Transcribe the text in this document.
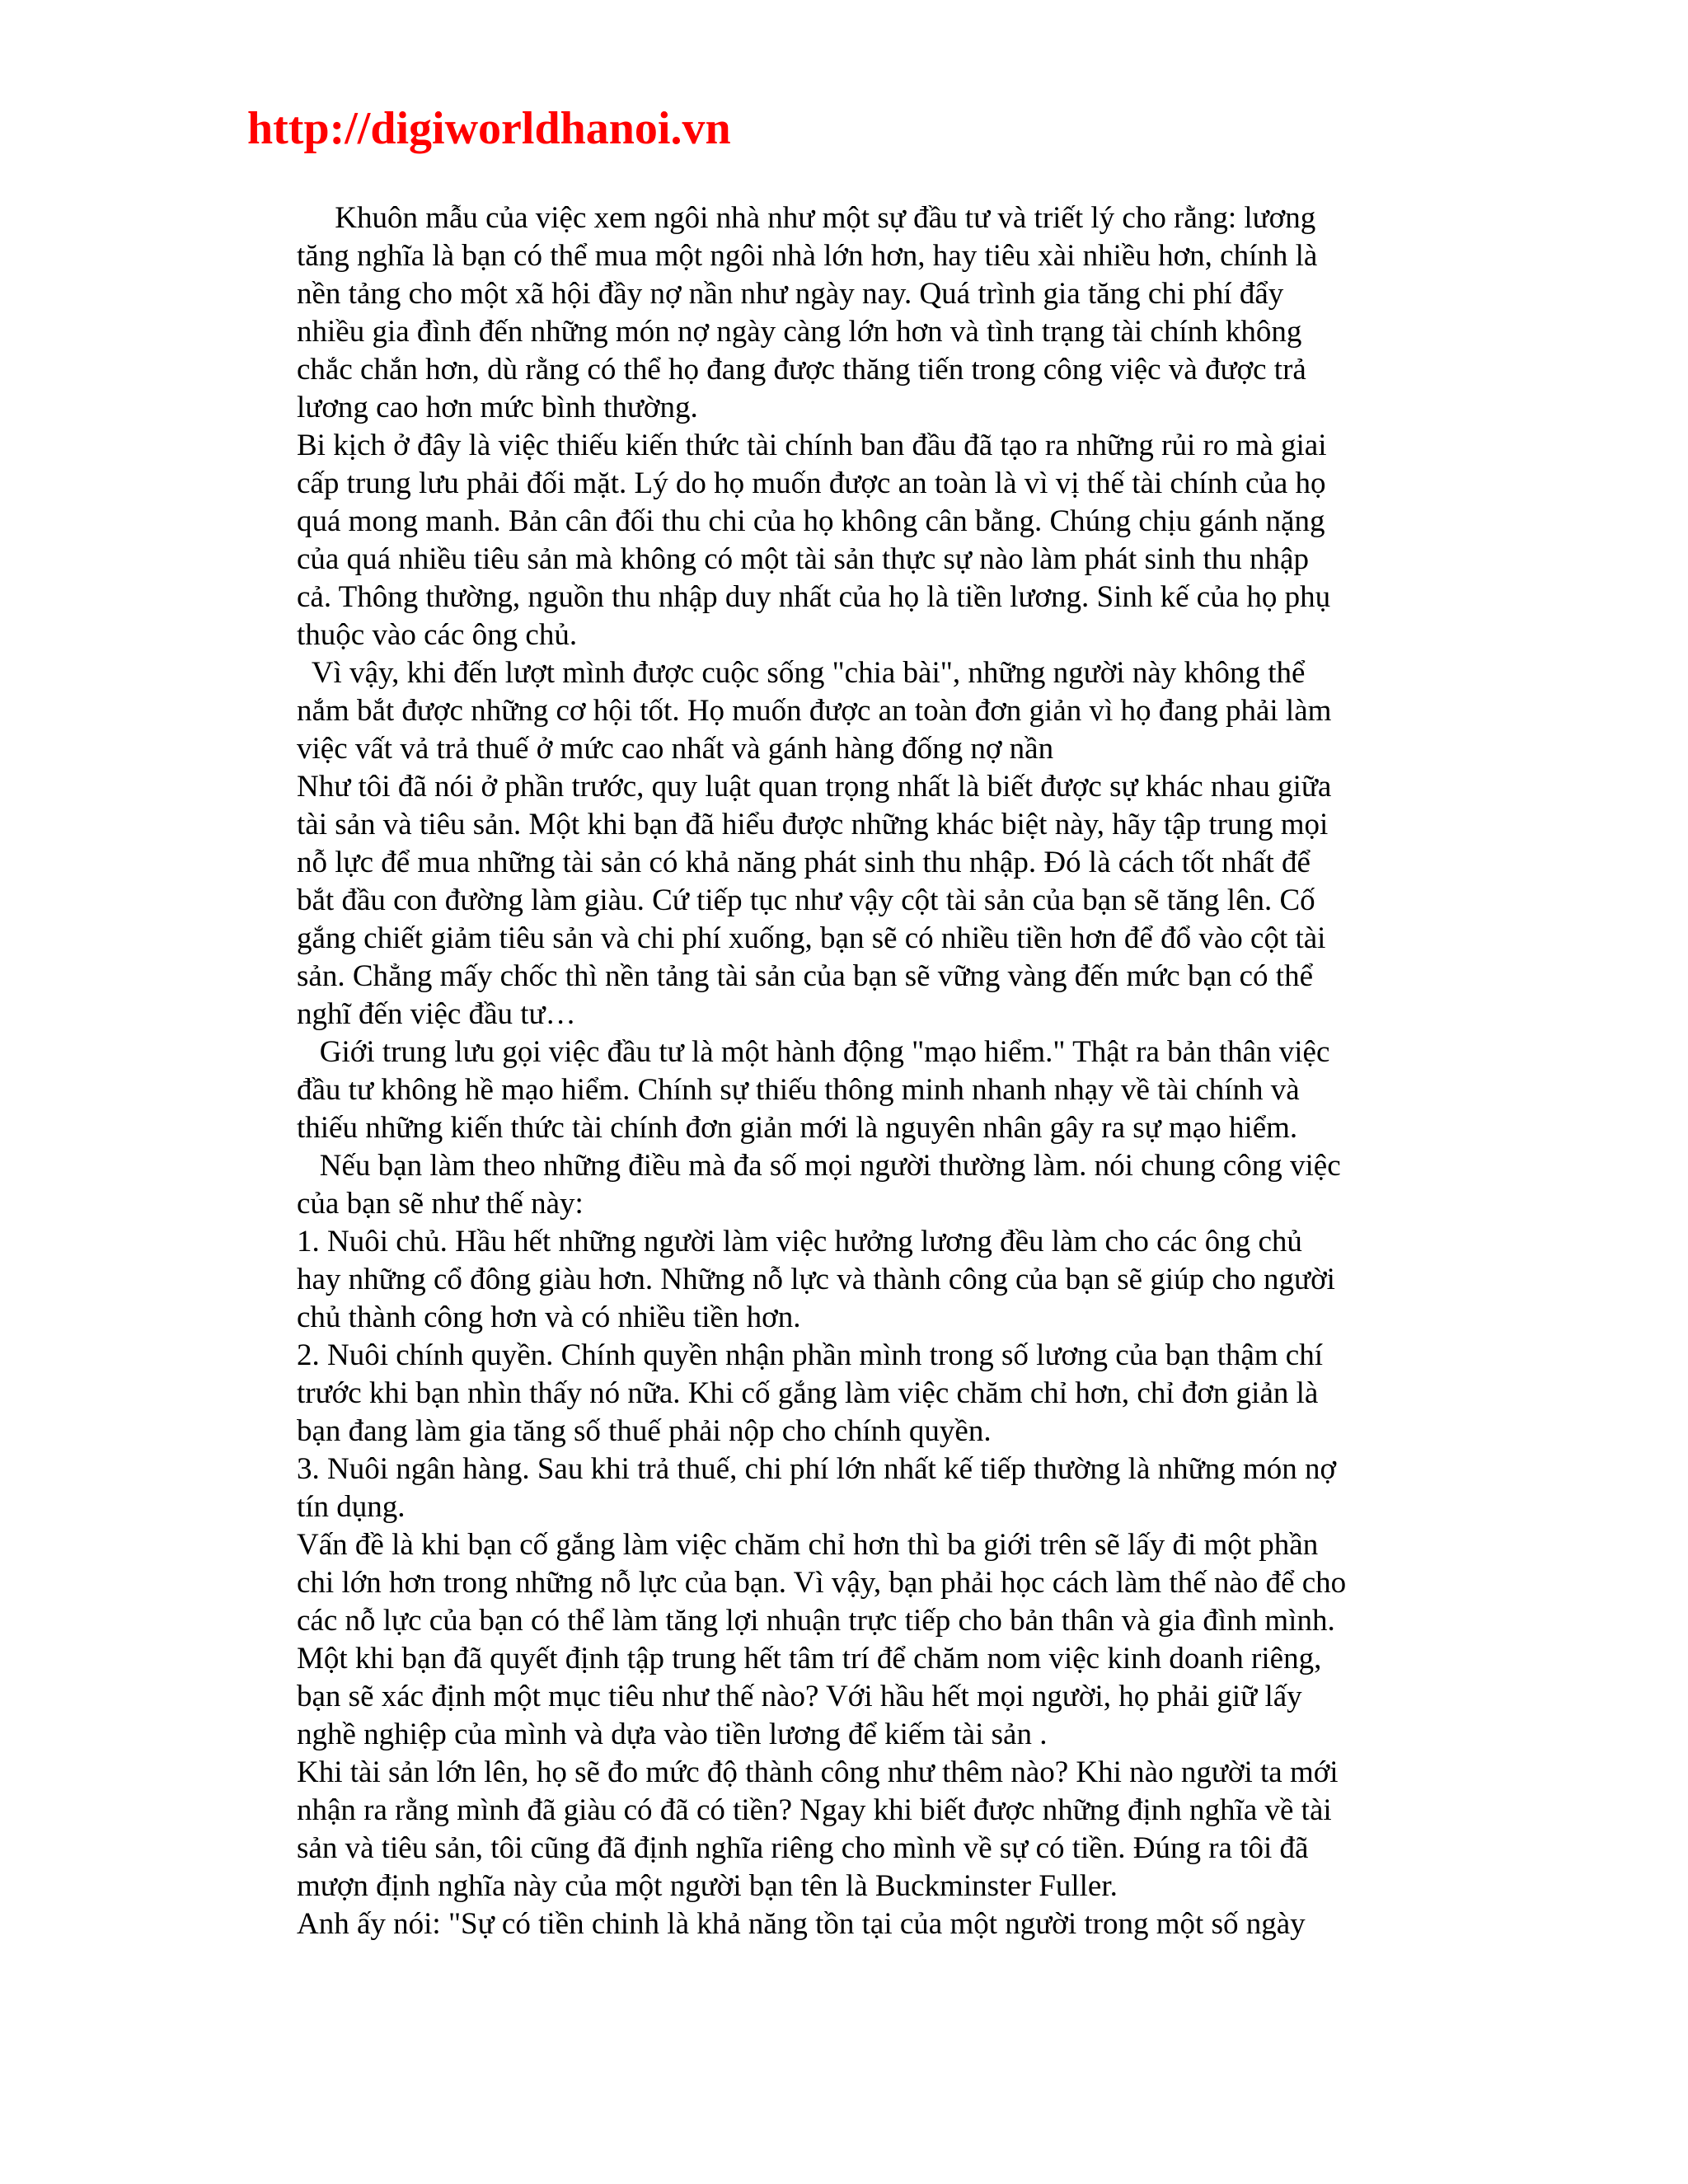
http://digiworldhanoi.vn
Khuôn mẫu của việc xem ngôi nhà như một sự đầu tư và triết lý cho rằng: lương
tăng nghĩa là bạn có thể mua một ngôi nhà lớn hơn, hay tiêu xài nhiều hơn, chính là
nền tảng cho một xã hội đầy nợ nần như ngày nay. Quá trình gia tăng chi phí đẩy
nhiều gia đình đến những món nợ ngày càng lớn hơn và tình trạng tài chính không
chắc chắn hơn, dù rằng có thể họ đang được thăng tiến trong công việc và được trả
lương cao hơn mức bình thường.
Bi kịch ở đây là việc thiếu kiến thức tài chính ban đầu đã tạo ra những rủi ro mà giai
cấp trung lưu phải đối mặt. Lý do họ muốn được an toàn là vì vị thế tài chính của họ
quá mong manh. Bản cân đối thu chi của họ không cân bằng. Chúng chịu gánh nặng
của quá nhiều tiêu sản mà không có một tài sản thực sự nào làm phát sinh thu nhập
cả. Thông thường, nguồn thu nhập duy nhất của họ là tiền lương. Sinh kế của họ phụ
thuộc vào các ông chủ.
Vì vậy, khi đến lượt mình được cuộc sống "chia bài", những người này không thể
nắm bắt được những cơ hội tốt. Họ muốn được an toàn đơn giản vì họ đang phải làm
việc vất vả trả thuế ở mức cao nhất và gánh hàng đống nợ nần
Như tôi đã nói ở phần trước, quy luật quan trọng nhất là biết được sự khác nhau giữa
tài sản và tiêu sản. Một khi bạn đã hiểu được những khác biệt này, hãy tập trung mọi
nỗ lực để mua những tài sản có khả năng phát sinh thu nhập. Đó là cách tốt nhất để
bắt đầu con đường làm giàu. Cứ tiếp tục như vậy cột tài sản của bạn sẽ tăng lên. Cố
gắng chiết giảm tiêu sản và chi phí xuống, bạn sẽ có nhiều tiền hơn để đổ vào cột tài
sản. Chẳng mấy chốc thì nền tảng tài sản của bạn sẽ vững vàng đến mức bạn có thể
nghĩ đến việc đầu tư…
Giới trung lưu gọi việc đầu tư là một hành động "mạo hiểm." Thật ra bản thân việc
đầu tư không hề mạo hiểm. Chính sự thiếu thông minh nhanh nhạy về tài chính và
thiếu những kiến thức tài chính đơn giản mới là nguyên nhân gây ra sự mạo hiểm.
Nếu bạn làm theo những điều mà đa số mọi người thường làm. nói chung công việc
của bạn sẽ như thế này:
1. Nuôi chủ. Hầu hết những người làm việc hưởng lương đều làm cho các ông chủ
hay những cổ đông giàu hơn. Những nỗ lực và thành công của bạn sẽ giúp cho người
chủ thành công hơn và có nhiều tiền hơn.
2. Nuôi chính quyền. Chính quyền nhận phần mình trong số lương của bạn thậm chí
trước khi bạn nhìn thấy nó nữa. Khi cố gắng làm việc chăm chỉ hơn, chỉ đơn giản là
bạn đang làm gia tăng số thuế phải nộp cho chính quyền.
3. Nuôi ngân hàng. Sau khi trả thuế, chi phí lớn nhất kế tiếp thường là những món nợ
tín dụng.
Vấn đề là khi bạn cố gắng làm việc chăm chỉ hơn thì ba giới trên sẽ lấy đi một phần
chi lớn hơn trong những nỗ lực của bạn. Vì vậy, bạn phải học cách làm thế nào để cho
các nỗ lực của bạn có thể làm tăng lợi nhuận trực tiếp cho bản thân và gia đình mình.
Một khi bạn đã quyết định tập trung hết tâm trí để chăm nom việc kinh doanh riêng,
bạn sẽ xác định một mục tiêu như thế nào? Với hầu hết mọi người, họ phải giữ lấy
nghề nghiệp của mình và dựa vào tiền lương để kiếm tài sản .
Khi tài sản lớn lên, họ sẽ đo mức độ thành công như thêm nào? Khi nào người ta mới
nhận ra rằng mình đã giàu có đã có tiền? Ngay khi biết được những định nghĩa về tài
sản và tiêu sản, tôi cũng đã định nghĩa riêng cho mình về sự có tiền. Đúng ra tôi đã
mượn định nghĩa này của một người bạn tên là Buckminster Fuller.
Anh ấy nói: "Sự có tiền chinh là khả năng tồn tại của một người trong một số ngày
